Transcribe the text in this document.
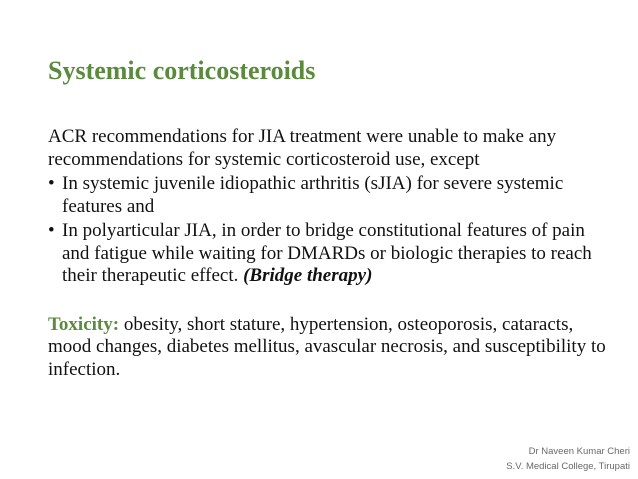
Systemic corticosteroids

ACR recommendations for JIA treatment were unable to make any recommendations for systemic corticosteroid use, except

• In systemic juvenile idiopathic arthritis (sJIA) for severe systemic features and
• In polyarticular JIA, in order to bridge constitutional features of pain and fatigue while waiting for DMARDs or biologic therapies to reach their therapeutic effect. (Bridge therapy)

Toxicity: obesity, short stature, hypertension, osteoporosis, cataracts, mood changes, diabetes mellitus, avascular necrosis, and susceptibility to infection.

Dr Naveen Kumar Cheri
S.V. Medical College, Tirupati
